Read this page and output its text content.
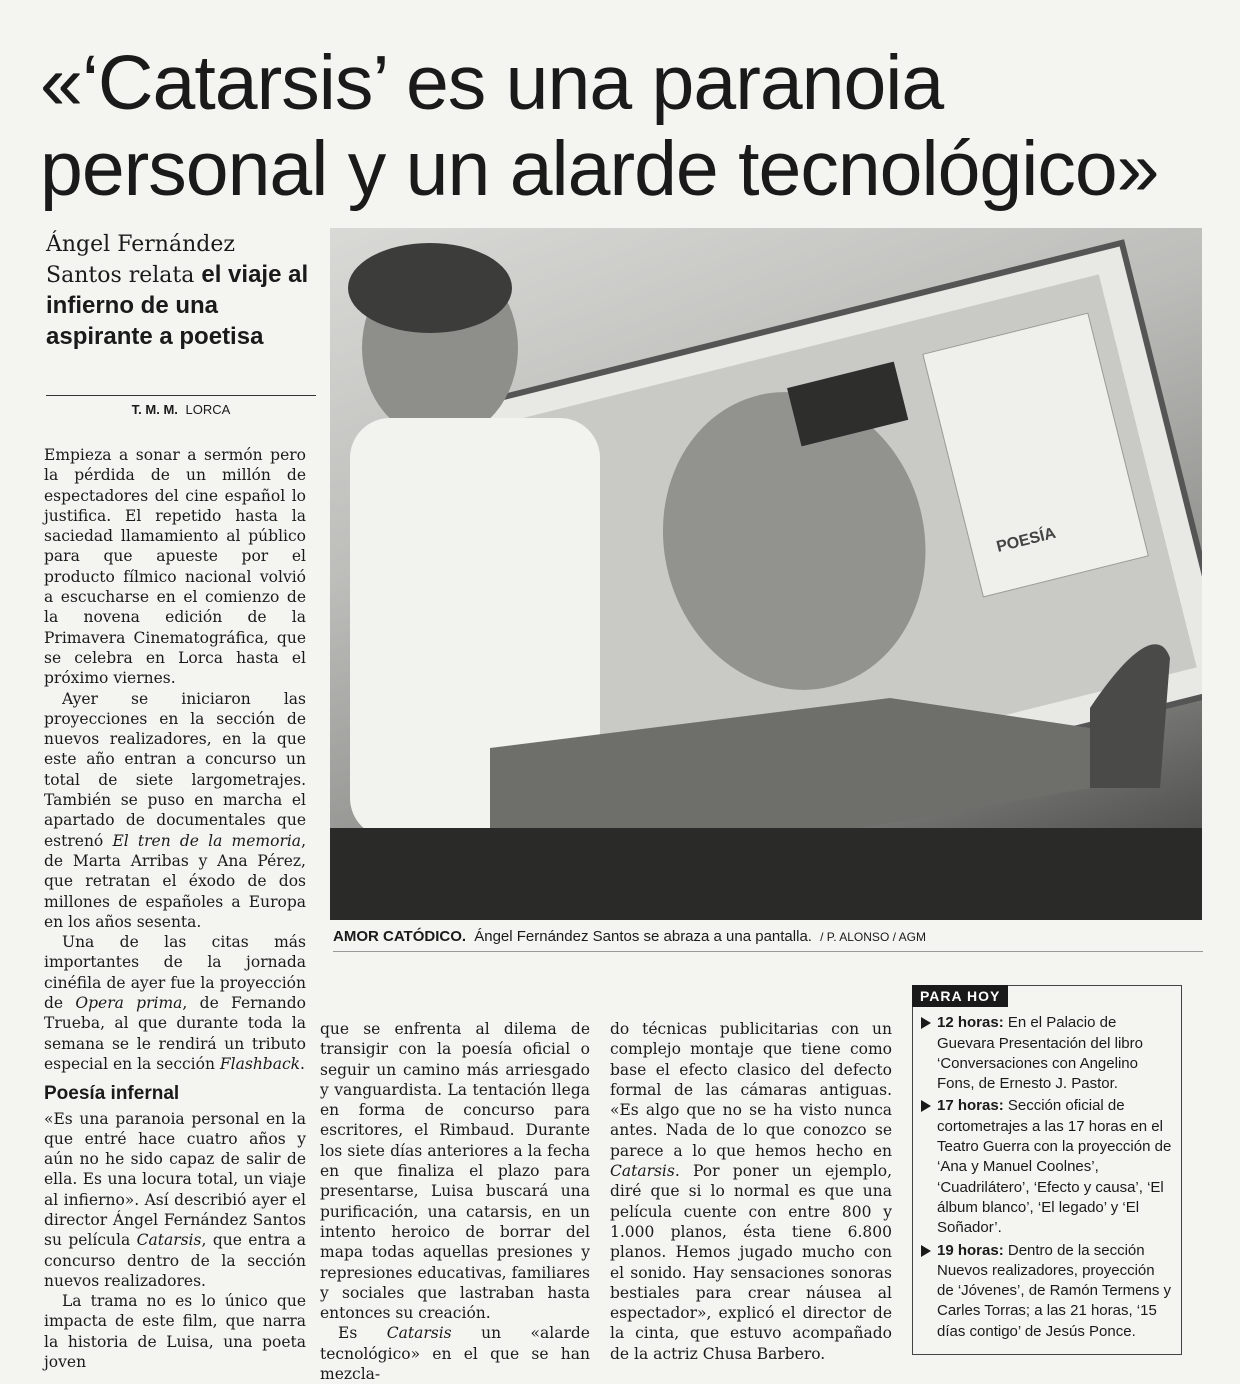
«‘Catarsis’ es una paranoia personal y un alarde tecnológico»

Ángel Fernández Santos relata el viaje al infierno de una aspirante a poetisa

T. M. M. LORCA

Empieza a sonar a sermón pero la pérdida de un millón de espectadores del cine español lo justifica. El repetido hasta la saciedad llamamiento al público para que apueste por el producto fílmico nacional volvió a escucharse en el comienzo de la novena edición de la Primavera Cinematográfica, que se celebra en Lorca hasta el próximo viernes.

Ayer se iniciaron las proyecciones en la sección de nuevos realizadores, en la que este año entran a concurso un total de siete largometrajes. También se puso en marcha el apartado de documentales que estrenó El tren de la memoria, de Marta Arribas y Ana Pérez, que retratan el éxodo de dos millones de españoles a Europa en los años sesenta.

Una de las citas más importantes de la jornada cinéfila de ayer fue la proyección de Opera prima, de Fernando Trueba, al que durante toda la semana se le rendirá un tributo especial en la sección Flashback.

Poesía infernal

«Es una paranoia personal en la que entré hace cuatro años y aún no he sido capaz de salir de ella. Es una locura total, un viaje al infierno». Así describió ayer el director Ángel Fernández Santos su película Catarsis, que entra a concurso dentro de la sección nuevos realizadores.

La trama no es lo único que impacta de este film, que narra la historia de Luisa, una poeta joven

POESÍA
AMOR CATÓDICO. Ángel Fernández Santos se abraza a una pantalla. / P. ALONSO / AGM

que se enfrenta al dilema de transigir con la poesía oficial o seguir un camino más arriesgado y vanguardista. La tentación llega en forma de concurso para escritores, el Rimbaud. Durante los siete días anteriores a la fecha en que finaliza el plazo para presentarse, Luisa buscará una purificación, una catarsis, en un intento heroico de borrar del mapa todas aquellas presiones y represiones educativas, familiares y sociales que lastraban hasta entonces su creación.

Es Catarsis un «alarde tecnológico» en el que se han mezcla-

do técnicas publicitarias con un complejo montaje que tiene como base el efecto clasico del defecto formal de las cámaras antiguas. «Es algo que no se ha visto nunca antes. Nada de lo que conozco se parece a lo que hemos hecho en Catarsis. Por poner un ejemplo, diré que si lo normal es que una película cuente con entre 800 y 1.000 planos, ésta tiene 6.800 planos. Hemos jugado mucho con el sonido. Hay sensaciones sonoras bestiales para crear náusea al espectador», explicó el director de la cinta, que estuvo acompañado de la actriz Chusa Barbero.

PARA HOY
12 horas: En el Palacio de Guevara Presentación del libro ‘Conversaciones con Angelino Fons, de Ernesto J. Pastor.
17 horas: Sección oficial de cortometrajes a las 17 horas en el Teatro Guerra con la proyección de ‘Ana y Manuel Coolnes’, ‘Cuadrilátero’, ‘Efecto y causa’, ‘El álbum blanco’, ‘El legado’ y ‘El Soñador’.
19 horas: Dentro de la sección Nuevos realizadores, proyección de ‘Jóvenes’, de Ramón Termens y Carles Torras; a las 21 horas, ‘15 días contigo’ de Jesús Ponce.
